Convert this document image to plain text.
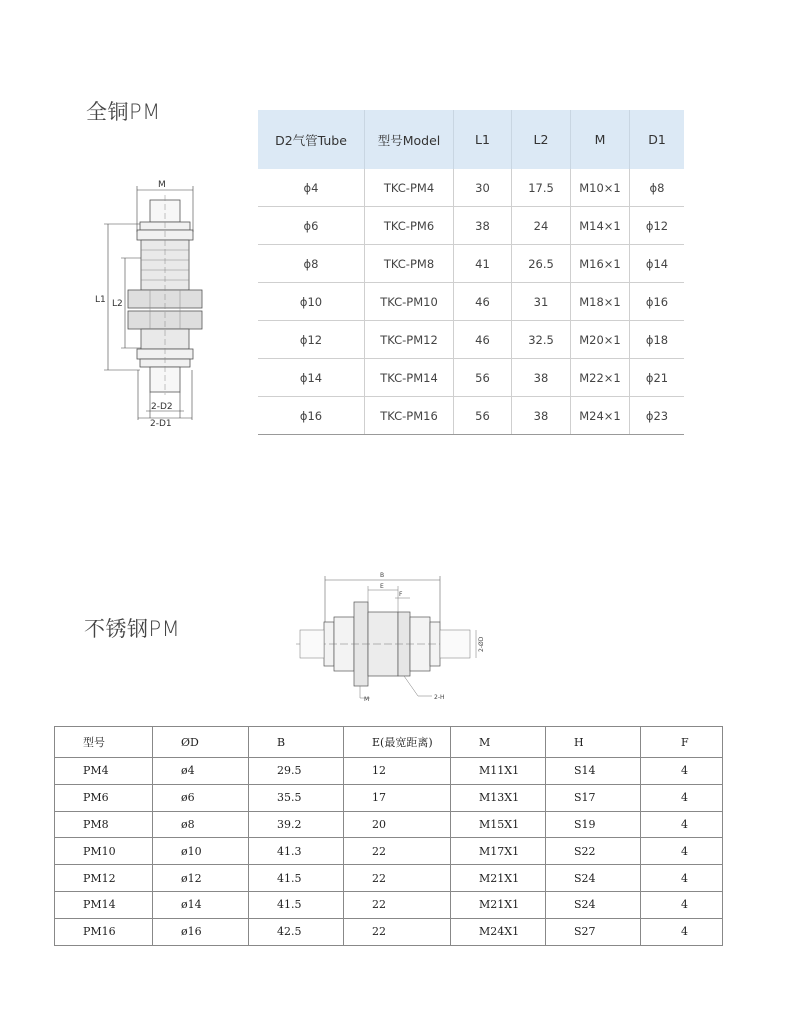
全铜PM
M
L1 L2
2-D2
2-D1
D2气管Tube	型号Model	L1	L2	M	D1
ϕ4	TKC-PM4	30	17.5	M10×1	ϕ8
ϕ6	TKC-PM6	38	24	M14×1	ϕ12
ϕ8	TKC-PM8	41	26.5	M16×1	ϕ14
ϕ10	TKC-PM10	46	31	M18×1	ϕ16
ϕ12	TKC-PM12	46	32.5	M20×1	ϕ18
ϕ14	TKC-PM14	56	38	M22×1	ϕ21
ϕ16	TKC-PM16	56	38	M24×1	ϕ23
不锈钢PM
B
E
F
2-ØD
M	2-H
型号	ØD	B	E(最宽距离)	M	H	F
PM4	ø4	29.5	12	M11X1	S14	4
PM6	ø6	35.5	17	M13X1	S17	4
PM8	ø8	39.2	20	M15X1	S19	4
PM10	ø10	41.3	22	M17X1	S22	4
PM12	ø12	41.5	22	M21X1	S24	4
PM14	ø14	41.5	22	M21X1	S24	4
PM16	ø16	42.5	22	M24X1	S27	4
